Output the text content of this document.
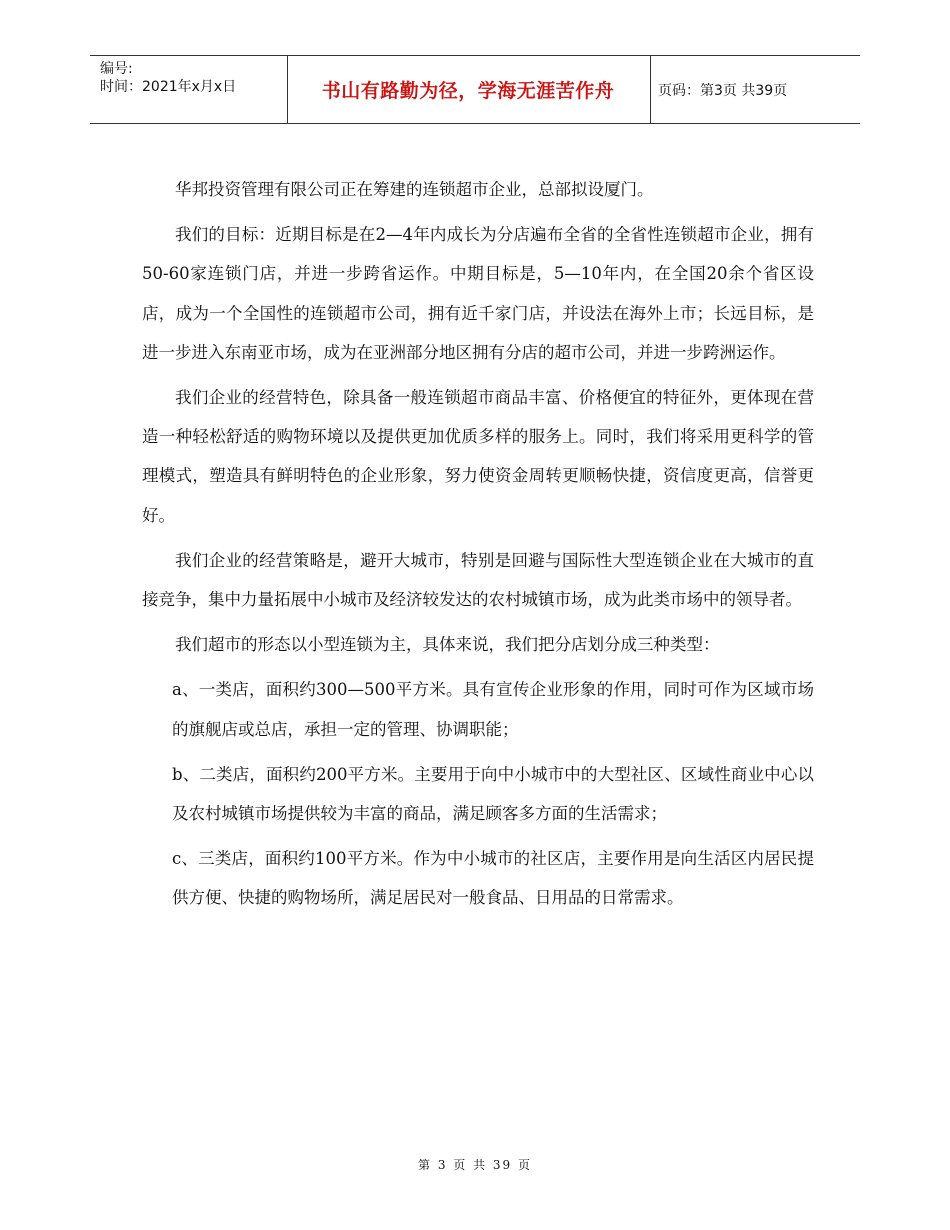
编号:
时间：2021年x月x日	书山有路勤为径，学海无涯苦作舟	页码：第3页 共39页

华邦投资管理有限公司正在筹建的连锁超市企业，总部拟设厦门。

我们的目标：近期目标是在2—4年内成长为分店遍布全省的全省性连锁超市企业，拥有50-60家连锁门店，并进一步跨省运作。中期目标是，5—10年内，在全国20余个省区设店，成为一个全国性的连锁超市公司，拥有近千家门店，并设法在海外上市；长远目标，是进一步进入东南亚市场，成为在亚洲部分地区拥有分店的超市公司，并进一步跨洲运作。

我们企业的经营特色，除具备一般连锁超市商品丰富、价格便宜的特征外，更体现在营造一种轻松舒适的购物环境以及提供更加优质多样的服务上。同时，我们将采用更科学的管理模式，塑造具有鲜明特色的企业形象，努力使资金周转更顺畅快捷，资信度更高，信誉更好。

我们企业的经营策略是，避开大城市，特别是回避与国际性大型连锁企业在大城市的直接竞争，集中力量拓展中小城市及经济较发达的农村城镇市场，成为此类市场中的领导者。

我们超市的形态以小型连锁为主，具体来说，我们把分店划分成三种类型：

a、一类店，面积约300—500平方米。具有宣传企业形象的作用，同时可作为区域市场的旗舰店或总店，承担一定的管理、协调职能；

b、二类店，面积约200平方米。主要用于向中小城市中的大型社区、区域性商业中心以及农村城镇市场提供较为丰富的商品，满足顾客多方面的生活需求；

c、三类店，面积约100平方米。作为中小城市的社区店，主要作用是向生活区内居民提供方便、快捷的购物场所，满足居民对一般食品、日用品的日常需求。

第 3 页 共 39 页
